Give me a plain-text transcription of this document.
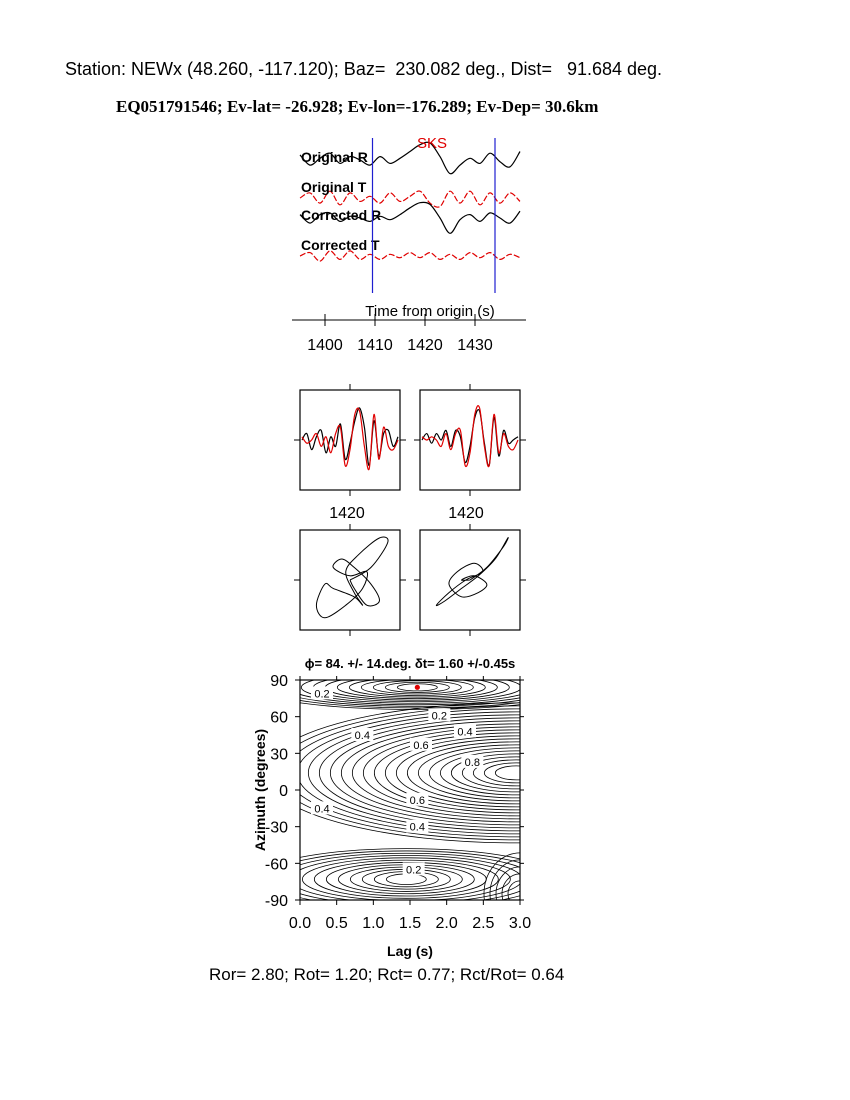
Station: NEWx (48.260, -117.120); Baz=  230.082 deg., Dist=   91.684 deg.
EQ051791546; Ev-lat= -26.928; Ev-lon=-176.289; Ev-Dep= 30.6km
Original R
Original T
Corrected R
Corrected T
SKS
Time from origin (s)
1400 1410 1420 1430
1420	1420
ϕ= 84. +/- 14.deg. δt= 1.60 +/-0.45s
0.2
0.2
0.4
0.4
0.6
0.8
0.4
0.6
0.4
0.2
0.0 0.5 1.0 1.5 2.0 2.5 3.0
90
60
30
0
-30
-60
-90
Lag (s)
Azimuth (degrees)
Ror= 2.80; Rot= 1.20; Rct= 0.77; Rct/Rot= 0.64
